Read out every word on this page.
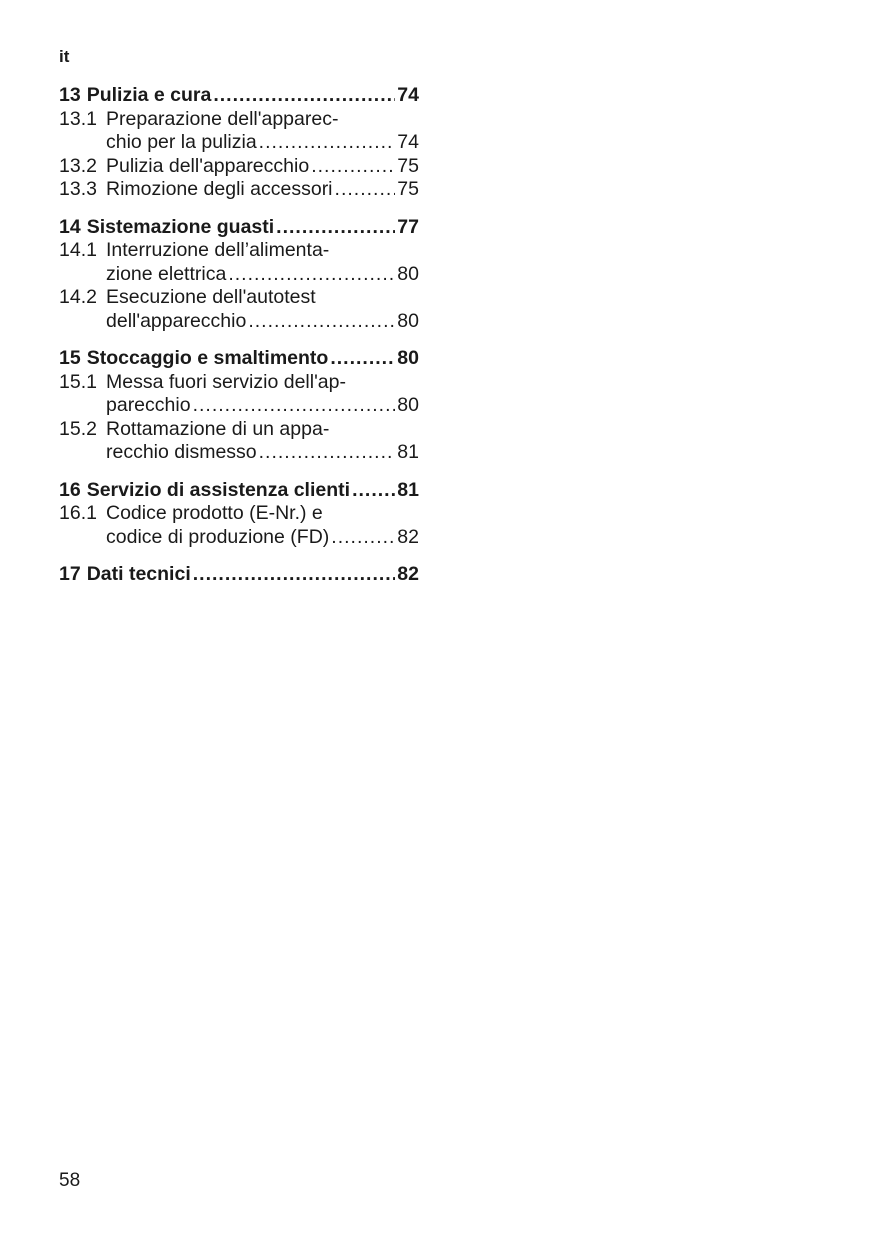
it
13 Pulizia e cura .....	74
13.1 Preparazione dell'apparec-
chio per la pulizia .....	74
13.2 Pulizia dell'apparecchio .....	75
13.3 Rimozione degli accessori .....	75
14 Sistemazione guasti .....	77
14.1 Interruzione dell’alimenta-
zione elettrica .....	80
14.2 Esecuzione dell'autotest
dell'apparecchio .....	80
15 Stoccaggio e smaltimento .....	80
15.1 Messa fuori servizio dell'ap-
parecchio .....	80
15.2 Rottamazione di un appa-
recchio dismesso .....	81
16 Servizio di assistenza clienti ..... 81
16.1 Codice prodotto (E-Nr.) e
codice di produzione (FD) .....	82
17 Dati tecnici .....	82
58
